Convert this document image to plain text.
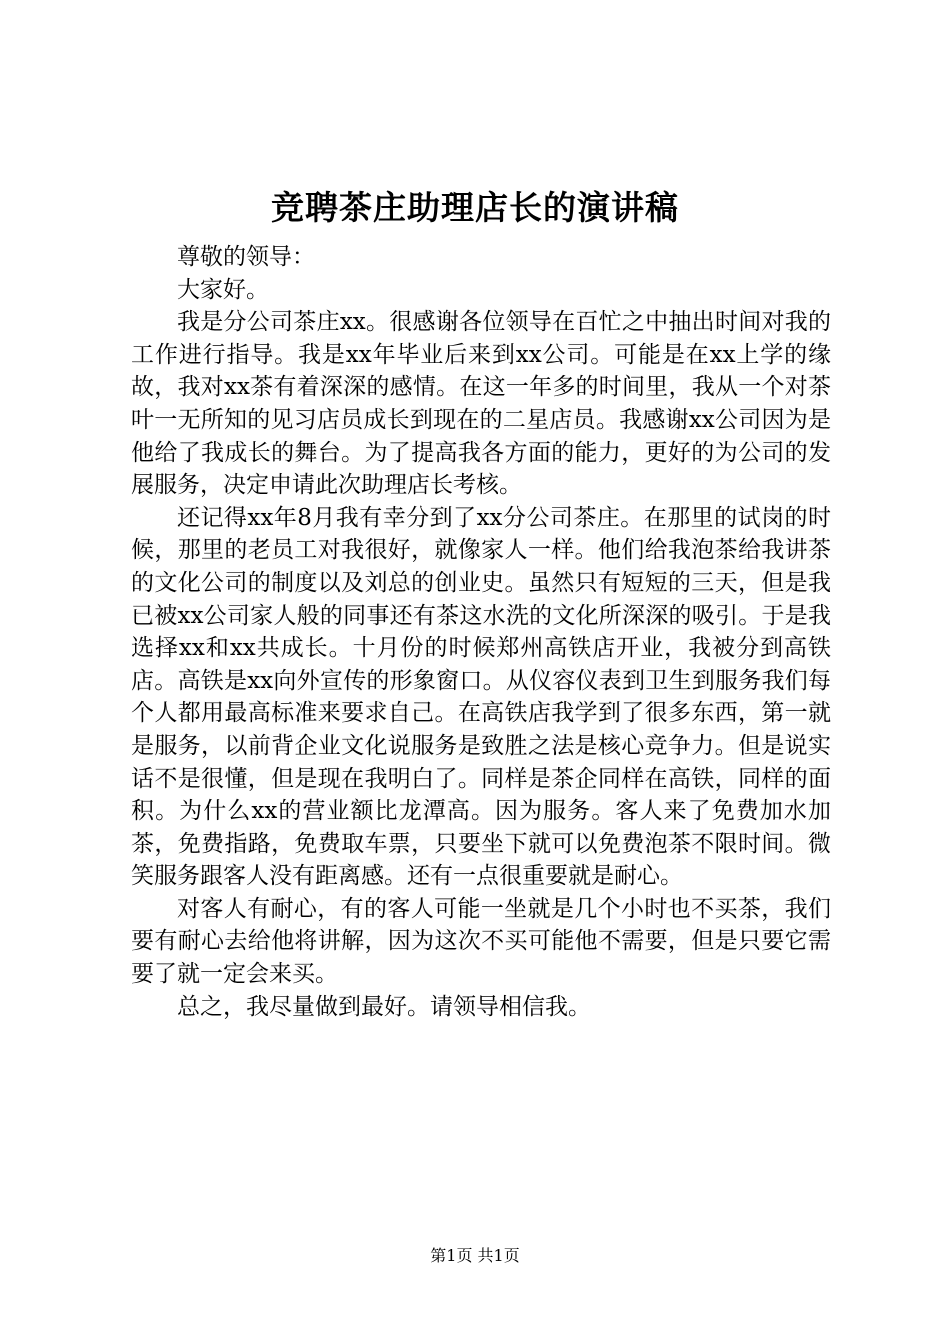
竞聘茶庄助理店长的演讲稿

尊敬的领导：

大家好。

我是分公司茶庄xx。很感谢各位领导在百忙之中抽出时间对我的工作进行指导。我是xx年毕业后来到xx公司。可能是在xx上学的缘故，我对xx茶有着深深的感情。在这一年多的时间里，我从一个对茶叶一无所知的见习店员成长到现在的二星店员。我感谢xx公司因为是他给了我成长的舞台。为了提高我各方面的能力，更好的为公司的发展服务，决定申请此次助理店长考核。

还记得xx年8月我有幸分到了xx分公司茶庄。在那里的试岗的时候，那里的老员工对我很好，就像家人一样。他们给我泡茶给我讲茶的文化公司的制度以及刘总的创业史。虽然只有短短的三天，但是我已被xx公司家人般的同事还有茶这水洗的文化所深深的吸引。于是我选择xx和xx共成长。十月份的时候郑州高铁店开业，我被分到高铁店。高铁是xx向外宣传的形象窗口。从仪容仪表到卫生到服务我们每个人都用最高标准来要求自己。在高铁店我学到了很多东西，第一就是服务，以前背企业文化说服务是致胜之法是核心竞争力。但是说实话不是很懂，但是现在我明白了。同样是茶企同样在高铁，同样的面积。为什么xx的营业额比龙潭高。因为服务。客人来了免费加水加茶，免费指路，免费取车票，只要坐下就可以免费泡茶不限时间。微笑服务跟客人没有距离感。还有一点很重要就是耐心。

对客人有耐心，有的客人可能一坐就是几个小时也不买茶，我们要有耐心去给他将讲解，因为这次不买可能他不需要，但是只要它需要了就一定会来买。

总之，我尽量做到最好。请领导相信我。

第1页 共1页
